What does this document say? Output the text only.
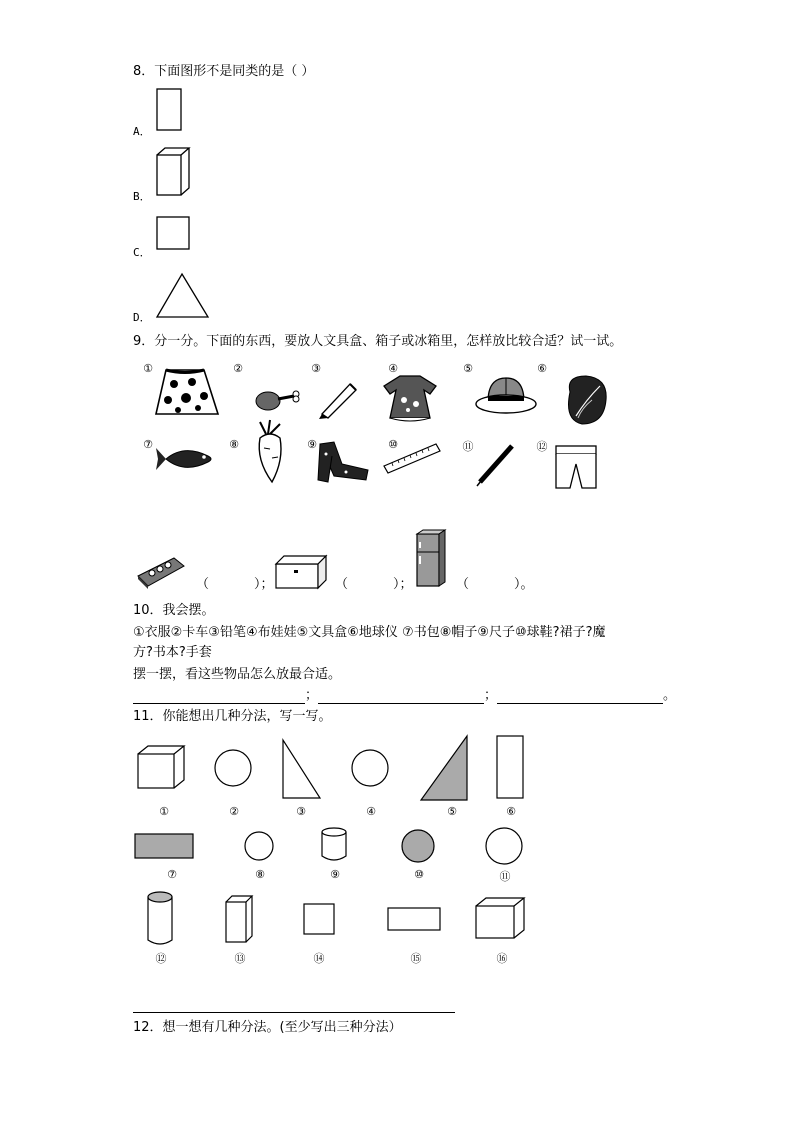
8．下面图形不是同类的是（ ）
A．
B．
C．
D．
9．分一分。下面的东西，要放人文具盒、箱子或冰箱里，怎样放比较合适？试一试。
①	②	③	④	⑤	⑥
⑦	⑧	⑨	⑩	⑪	⑫
（	）；	（	）；	（	）。
10．我会摆。
①衣服②卡车③铅笔④布娃娃⑤文具盒⑥地球仪 ⑦书包⑧帽子⑨尺子⑩球鞋?裙子?魔
方?书本?手套
摆一摆，看这些物品怎么放最合适。
；	；	。
11．你能想出几种分法，写一写。
①	②	③	④	⑤	⑥
⑦	⑧	⑨	⑩	⑪
⑫	⑬	⑭	⑮	⑯
12．想一想有几种分法。(至少写出三种分法）
